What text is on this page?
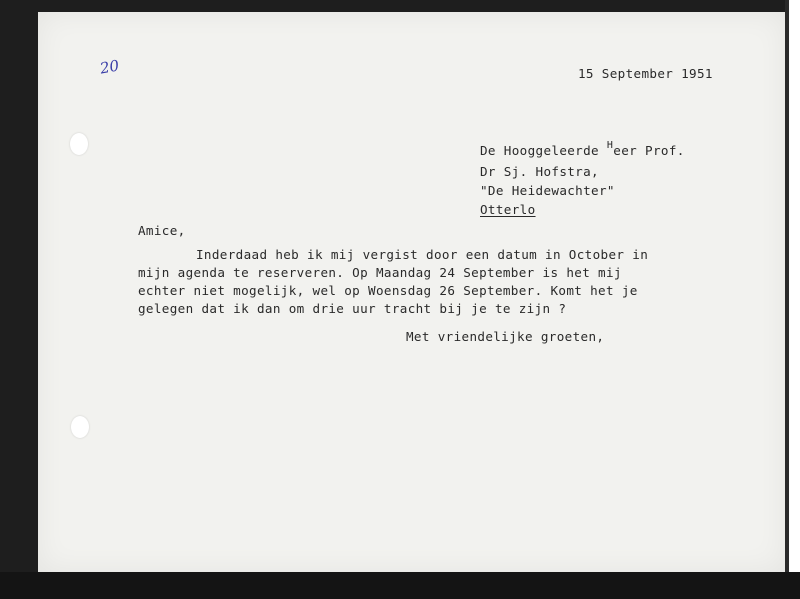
20	15 September 1951
De Hooggeleerde $^H$eer Prof.
Dr Sj. Hofstra,
"De Heidewachter"
Otterlo
Amice,
Inderdaad heb ik mij vergist door een datum in October in
mijn agenda te reserveren. Op Maandag 24 September is het mij
echter niet mogelijk, wel op Woensdag 26 September. Komt het je
gelegen dat ik dan om drie uur tracht bij je te zijn ?
Met vriendelijke groeten,
